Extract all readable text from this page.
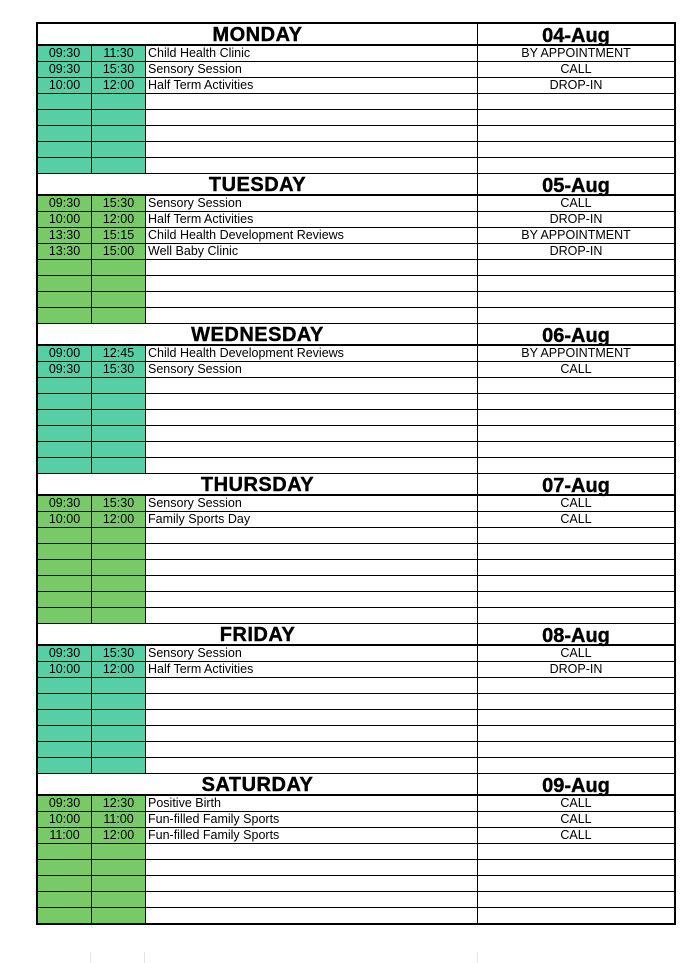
MONDAY	04-Aug
09:30	11:30	Child Health Clinic	BY APPOINTMENT
09:30	15:30	Sensory Session	CALL
10:00	12:00	Half Term Activities	DROP-IN
TUESDAY	05-Aug
09:30	15:30	Sensory Session	CALL
10:00	12:00	Half Term Activities	DROP-IN
13:30	15:15	Child Health Development Reviews	BY APPOINTMENT
13:30	15:00	Well Baby Clinic	DROP-IN
WEDNESDAY	06-Aug
09:00	12:45	Child Health Development Reviews	BY APPOINTMENT
09:30	15:30	Sensory Session	CALL
THURSDAY	07-Aug
09:30	15:30	Sensory Session	CALL
10:00	12:00	Family Sports Day	CALL
FRIDAY	08-Aug
09:30	15:30	Sensory Session	CALL
10:00	12:00	Half Term Activities	DROP-IN
SATURDAY	09-Aug
09:30	12:30	Positive Birth	CALL
10:00	11:00	Fun-filled Family Sports	CALL
11:00	12:00	Fun-filled Family Sports	CALL
